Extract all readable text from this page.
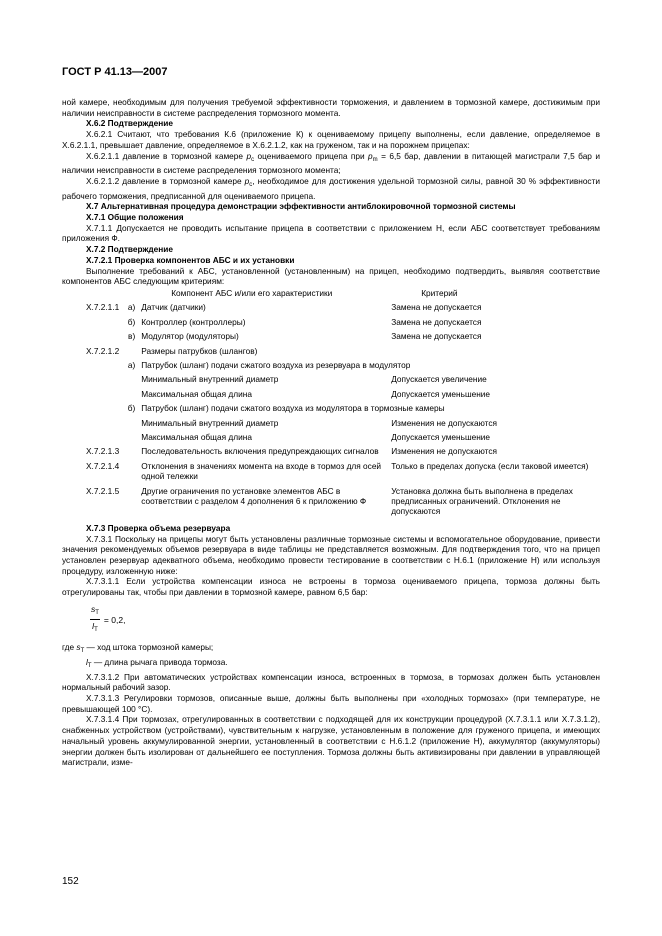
ГОСТ Р 41.13—2007

ной камере, необходимым для получения требуемой эффективности торможения, и давлением в тормозной камере, достижимым при наличии неисправности в системе распределения тормозного момента.

Х.6.2 Подтверждение

Х.6.2.1 Считают, что требования К.6 (приложение К) к оцениваемому прицепу выполнены, если давление, определяемое в Х.6.2.1.1, превышает давление, определяемое в Х.6.2.1.2, как на груженом, так и на порожнем прицепах:

Х.6.2.1.1 давление в тормозной камере $p_c$ оцениваемого прицепа при $p_m = 6,5$ бар, давлении в питающей магистрали 7,5 бар и наличии неисправности в системе распределения тормозного момента;

Х.6.2.1.2 давление в тормозной камере $p_c$, необходимое для достижения удельной тормозной силы, равной 30 % эффективности рабочего торможения, предписанной для оцениваемого прицепа.

Х.7 Альтернативная процедура демонстрации эффективности антиблокировочной тормозной системы

Х.7.1 Общие положения

Х.7.1.1 Допускается не проводить испытание прицепа в соответствии с приложением Н, если АБС соответствует требованиям приложения Ф.

Х.7.2 Подтверждение

Х.7.2.1 Проверка компонентов АБС и их установки

Выполнение требований к АБС, установленной (установленным) на прицеп, необходимо подтвердить, выявляя соответствие компонентов АБС следующим критериям:

		Компонент АБС и/или его характеристики	Критерий
Х.7.2.1.1	а)	Датчик (датчики)	Замена не допускается
	б)	Контроллер (контроллеры)	Замена не допускается
	в)	Модулятор (модуляторы)	Замена не допускается
Х.7.2.1.2		Размеры патрубков (шлангов)	
	а)	Патрубок (шланг) подачи сжатого воздуха из резервуара в модулятор	
		Минимальный внутренний диаметр	Допускается увеличение
		Максимальная общая длина	Допускается уменьшение
	б)	Патрубок (шланг) подачи сжатого воздуха из модулятора в тормозные камеры	
		Минимальный внутренний диаметр	Изменения не допускаются
		Максимальная общая длина	Допускается уменьшение
Х.7.2.1.3		Последовательность включения предупреждающих сигналов	Изменения не допускаются
Х.7.2.1.4		Отклонения в значениях момента на входе в тормоз для осей одной тележки	Только в пределах допуска (если таковой имеется)
Х.7.2.1.5		Другие ограничения по установке элементов АБС в соответствии с разделом 4 дополнения 6 к приложению Ф	Установка должна быть выполнена в пределах предписанных ограничений. Отклонения не допускаются

Х.7.3 Проверка объема резервуара

Х.7.3.1 Поскольку на прицепы могут быть установлены различные тормозные системы и вспомогательное оборудование, привести значения рекомендуемых объемов резервуара в виде таблицы не представляется возможным. Для подтверждения того, что на прицеп установлен резервуар адекватного объема, необходимо провести тестирование в соответствии с Н.6.1 (приложение Н) или используя процедуру, изложенную ниже:

Х.7.3.1.1 Если устройства компенсации износа не встроены в тормоза оцениваемого прицепа, тормоза должны быть отрегулированы так, чтобы при давлении в тормозной камере, равном 6,5 бар:

$\frac{s_T}{l_T} = 0,2$,

где $s_T$ — ход штока тормозной камеры;

$l_T$ — длина рычага привода тормоза.

Х.7.3.1.2 При автоматических устройствах компенсации износа, встроенных в тормоза, в тормозах должен быть установлен нормальный рабочий зазор.

Х.7.3.1.3 Регулировки тормозов, описанные выше, должны быть выполнены при «холодных тормозах» (при температуре, не превышающей 100 °С).

Х.7.3.1.4 При тормозах, отрегулированных в соответствии с подходящей для их конструкции процедурой (Х.7.3.1.1 или Х.7.3.1.2), снабженных устройством (устройствами), чувствительным к нагрузке, установленным в положение для груженого прицепа, и имеющих начальный уровень аккумулированной энергии, установленный в соответствии с Н.6.1.2 (приложение Н), аккумулятор (аккумуляторы) энергии должен быть изолирован от дальнейшего ее поступления. Тормоза должны быть активизированы при давлении в управляющей магистрали, изме-

152
